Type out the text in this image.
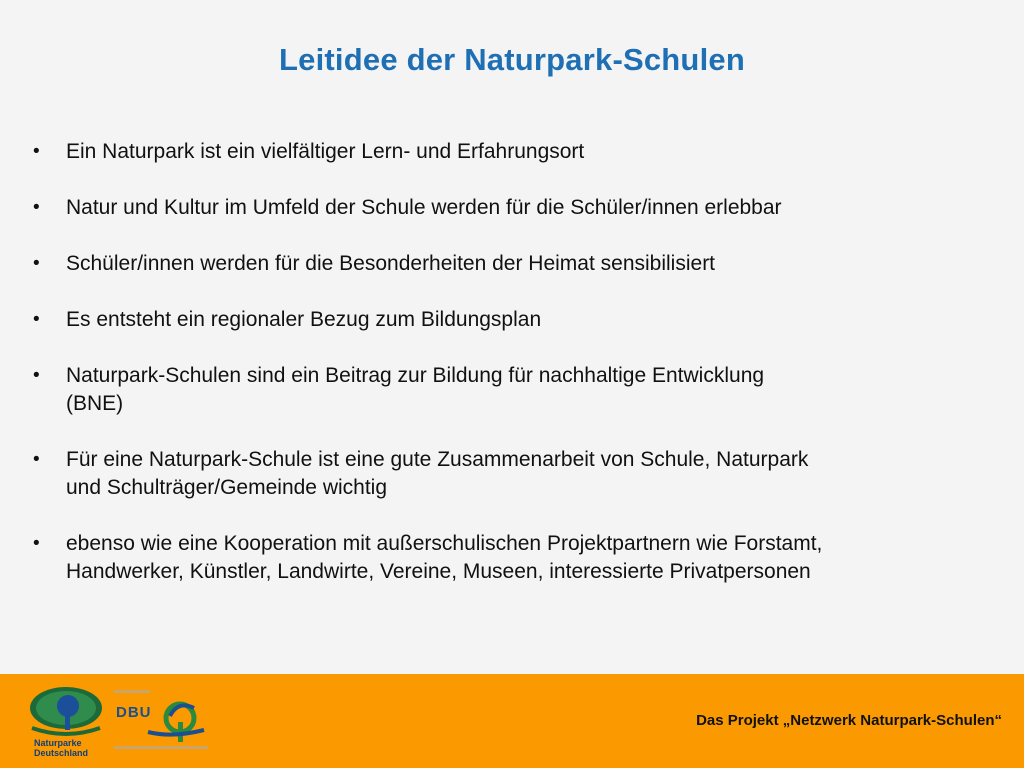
Leitidee der Naturpark-Schulen
• Ein Naturpark ist ein vielfältiger Lern- und Erfahrungsort
• Natur und Kultur im Umfeld der Schule werden für die Schüler/innen erlebbar
• Schüler/innen werden für die Besonderheiten der Heimat sensibilisiert
• Es entsteht ein regionaler Bezug zum Bildungsplan
• Naturpark-Schulen sind ein Beitrag zur Bildung für nachhaltige Entwicklung
(BNE)
• Für eine Naturpark-Schule ist eine gute Zusammenarbeit von Schule, Naturpark
und Schulträger/Gemeinde wichtig
• ebenso wie eine Kooperation mit außerschulischen Projektpartnern wie Forstamt,
Handwerker, Künstler, Landwirte, Vereine, Museen, interessierte Privatpersonen
Naturparke
Deutschland
DBU	Das Projekt „Netzwerk Naturpark-Schulen“
